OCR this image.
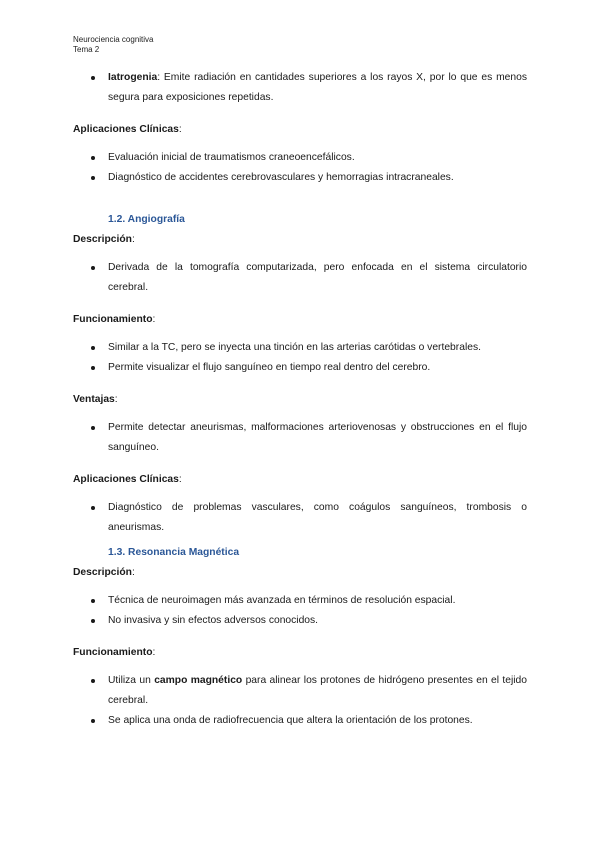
Neurociencia cognitiva
Tema 2
Iatrogenia: Emite radiación en cantidades superiores a los rayos X, por lo que es menos segura para exposiciones repetidas.

Aplicaciones Clínicas:

Evaluación inicial de traumatismos craneoencefálicos.
Diagnóstico de accidentes cerebrovasculares y hemorragias intracraneales.

1.2. Angiografía

Descripción:

Derivada de la tomografía computarizada, pero enfocada en el sistema circulatorio cerebral.

Funcionamiento:

Similar a la TC, pero se inyecta una tinción en las arterias carótidas o vertebrales.
Permite visualizar el flujo sanguíneo en tiempo real dentro del cerebro.

Ventajas:

Permite detectar aneurismas, malformaciones arteriovenosas y obstrucciones en el flujo sanguíneo.

Aplicaciones Clínicas:

Diagnóstico de problemas vasculares, como coágulos sanguíneos, trombosis o aneurismas.

1.3. Resonancia Magnética

Descripción:

Técnica de neuroimagen más avanzada en términos de resolución espacial.
No invasiva y sin efectos adversos conocidos.

Funcionamiento:

Utiliza un campo magnético para alinear los protones de hidrógeno presentes en el tejido cerebral.
Se aplica una onda de radiofrecuencia que altera la orientación de los protones.
